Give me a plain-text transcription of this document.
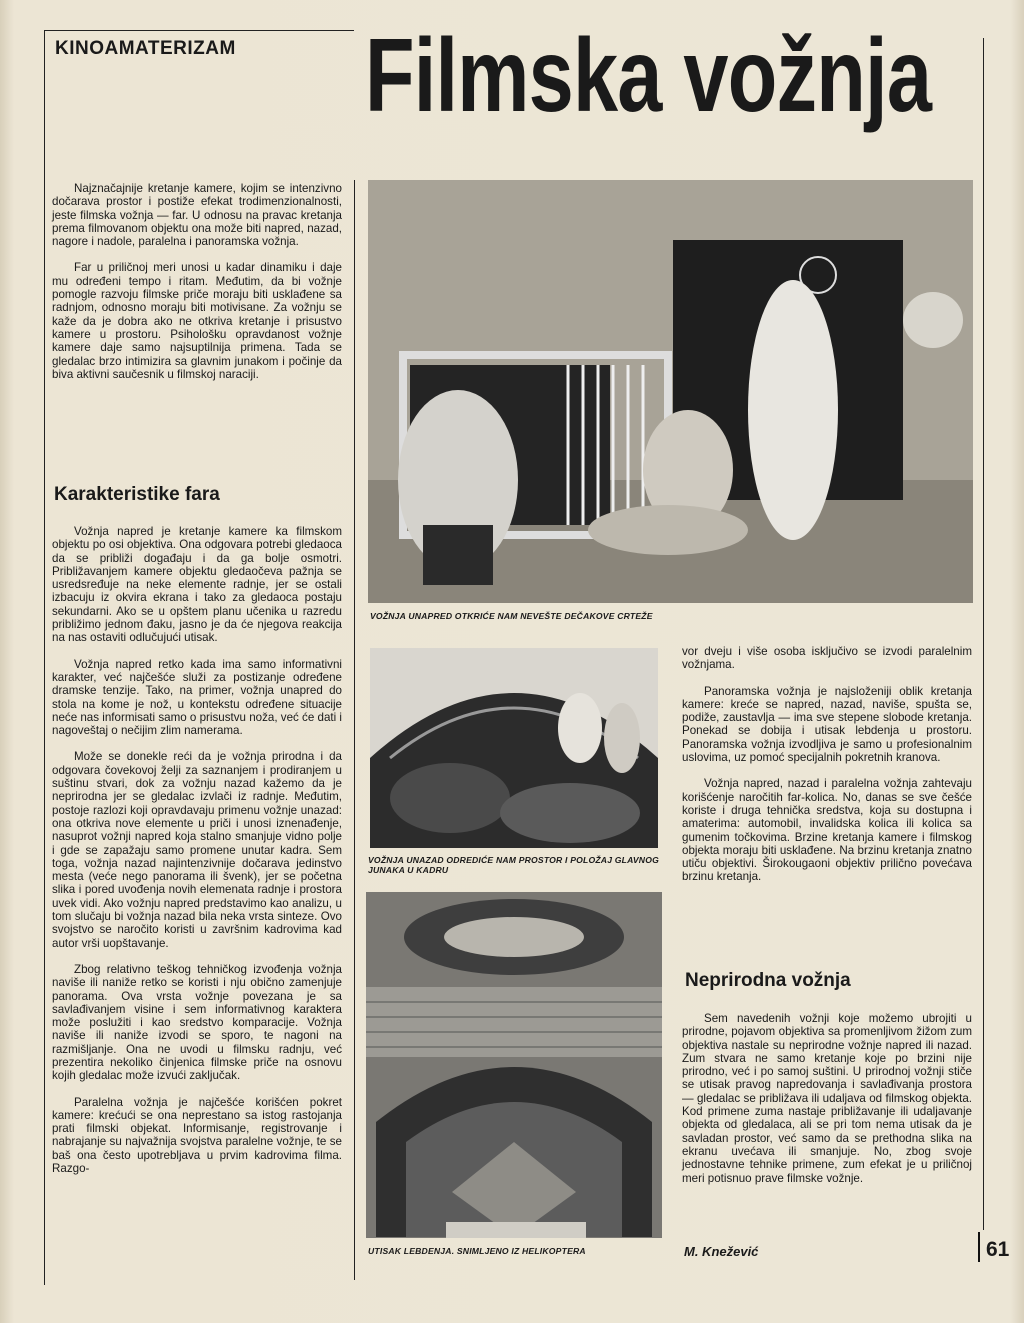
KINOAMATERIZAM Filmska vožnja

Najznačajnije kretanje kamere, kojim se intenzivno dočarava prostor i postiže efekat trodimenzionalnosti, jeste filmska vožnja — far. U odnosu na pravac kretanja prema filmovanom objektu ona može biti napred, nazad, nagore i nadole, paralelna i panoramska vožnja.

Far u priličnoj meri unosi u kadar dinamiku i daje mu određeni tempo i ritam. Međutim, da bi vožnje pomogle razvoju filmske priče moraju biti usklađene sa radnjom, odnosno moraju biti motivisane. Za vožnju se kaže da je dobra ako ne otkriva kretanje i prisustvo kamere u prostoru. Psihološku opravdanost vožnje kamere daje samo najsuptilnija primena. Tada se gledalac brzo intimizira sa glavnim junakom i počinje da biva aktivni saučesnik u filmskoj naraciji.

Karakteristike fara

Vožnja napred je kretanje kamere ka filmskom objektu po osi objektiva. Ona odgovara potrebi gledaoca da se približi događaju i da ga bolje osmotri. Približavanjem kamere objektu gledaočeva pažnja se usredsređuje na neke elemente radnje, jer se ostali izbacuju iz okvira ekrana i tako za gledaoca postaju sekundarni. Ako se u opštem planu učenika u razredu približimo jednom đaku, jasno je da će njegova reakcija na nas ostaviti odlučujući utisak.

Vožnja napred retko kada ima samo informativni karakter, već najčešće služi za postizanje određene dramske tenzije. Tako, na primer, vožnja unapred do stola na kome je nož, u kontekstu određene situacije neće nas informisati samo o prisustvu noža, već će dati i nagoveštaj o nečijim zlim namerama.

Može se donekle reći da je vožnja prirodna i da odgovara čovekovoj želji za saznanjem i prodiranjem u suštinu stvari, dok za vožnju nazad kažemo da je neprirodna jer se gledalac izvlači iz radnje. Međutim, postoje razlozi koji opravdavaju primenu vožnje unazad: ona otkriva nove elemente u priči i unosi iznenađenje, nasuprot vožnji napred koja stalno smanjuje vidno polje i gde se zapažaju samo promene unutar kadra. Sem toga, vožnja nazad najintenzivnije dočarava jedinstvo mesta (veće nego panorama ili švenk), jer se početna slika i pored uvođenja novih elemenata radnje i prostora uvek vidi. Ako vožnju napred predstavimo kao analizu, u tom slučaju bi vožnja nazad bila neka vrsta sinteze. Ovo svojstvo se naročito koristi u završnim kadrovima kad autor vrši uopštavanje.

Zbog relativno teškog tehničkog izvođenja vožnja naviše ili naniže retko se koristi i nju obično zamenjuje panorama. Ova vrsta vožnje povezana je sa savlađivanjem visine i sem informativnog karaktera može poslužiti i kao sredstvo komparacije. Vožnja naviše ili naniže izvodi se sporo, te nagoni na razmišljanje. Ona ne uvodi u filmsku radnju, već prezentira nekoliko činjenica filmske priče na osnovu kojih gledalac može izvući zaključak.

Paralelna vožnja je najčešće korišćen pokret kamere: krećući se ona neprestano sa istog rastojanja prati filmski objekat. Informisanje, registrovanje i nabrajanje su najvažnija svojstva paralelne vožnje, te se baš ona često upotrebljava u prvim kadrovima filma. Razgo-

VOŽNJA UNAPRED OTKRIĆE NAM NEVEŠTE DEČAKOVE CRTEŽE
VOŽNJA UNAZAD ODREDIĆE NAM PROSTOR I POLOŽAJ GLAVNOG JUNAKA U KADRU
UTISAK LEBDENJA. SNIMLJENO IZ HELIKOPTERA

vor dveju i više osoba isključivo se izvodi paralelnim vožnjama.

Panoramska vožnja je najsloženiji oblik kretanja kamere: kreće se napred, nazad, naviše, spušta se, podiže, zaustavlja — ima sve stepene slobode kretanja. Ponekad se dobija i utisak lebdenja u prostoru. Panoramska vožnja izvodljiva je samo u profesionalnim uslovima, uz pomoć specijalnih pokretnih kranova.

Vožnja napred, nazad i paralelna vožnja zahtevaju korišćenje naročitih far-kolica. No, danas se sve češće koriste i druga tehnička sredstva, koja su dostupna i amaterima: automobil, invalidska kolica ili kolica sa gumenim točkovima. Brzine kretanja kamere i filmskog objekta moraju biti usklađene. Na brzinu kretanja znatno utiču objektivi. Širokougaoni objektiv prilično povećava brzinu kretanja.

Neprirodna vožnja

Sem navedenih vožnji koje možemo ubrojiti u prirodne, pojavom objektiva sa promenljivom žižom zum objektiva nastale su neprirodne vožnje napred ili nazad. Zum stvara ne samo kretanje koje po brzini nije prirodno, već i po samoj suštini. U prirodnoj vožnji stiče se utisak pravog napredovanja i savlađivanja prostora — gledalac se približava ili udaljava od filmskog objekta. Kod primene zuma nastaje približavanje ili udaljavanje objekta od gledalaca, ali se pri tom nema utisak da je savladan prostor, već samo da se prethodna slika na ekranu uvećava ili smanjuje. No, zbog svoje jednostavne tehnike primene, zum efekat je u priličnoj meri potisnuo prave filmske vožnje.

M. Knežević	61
